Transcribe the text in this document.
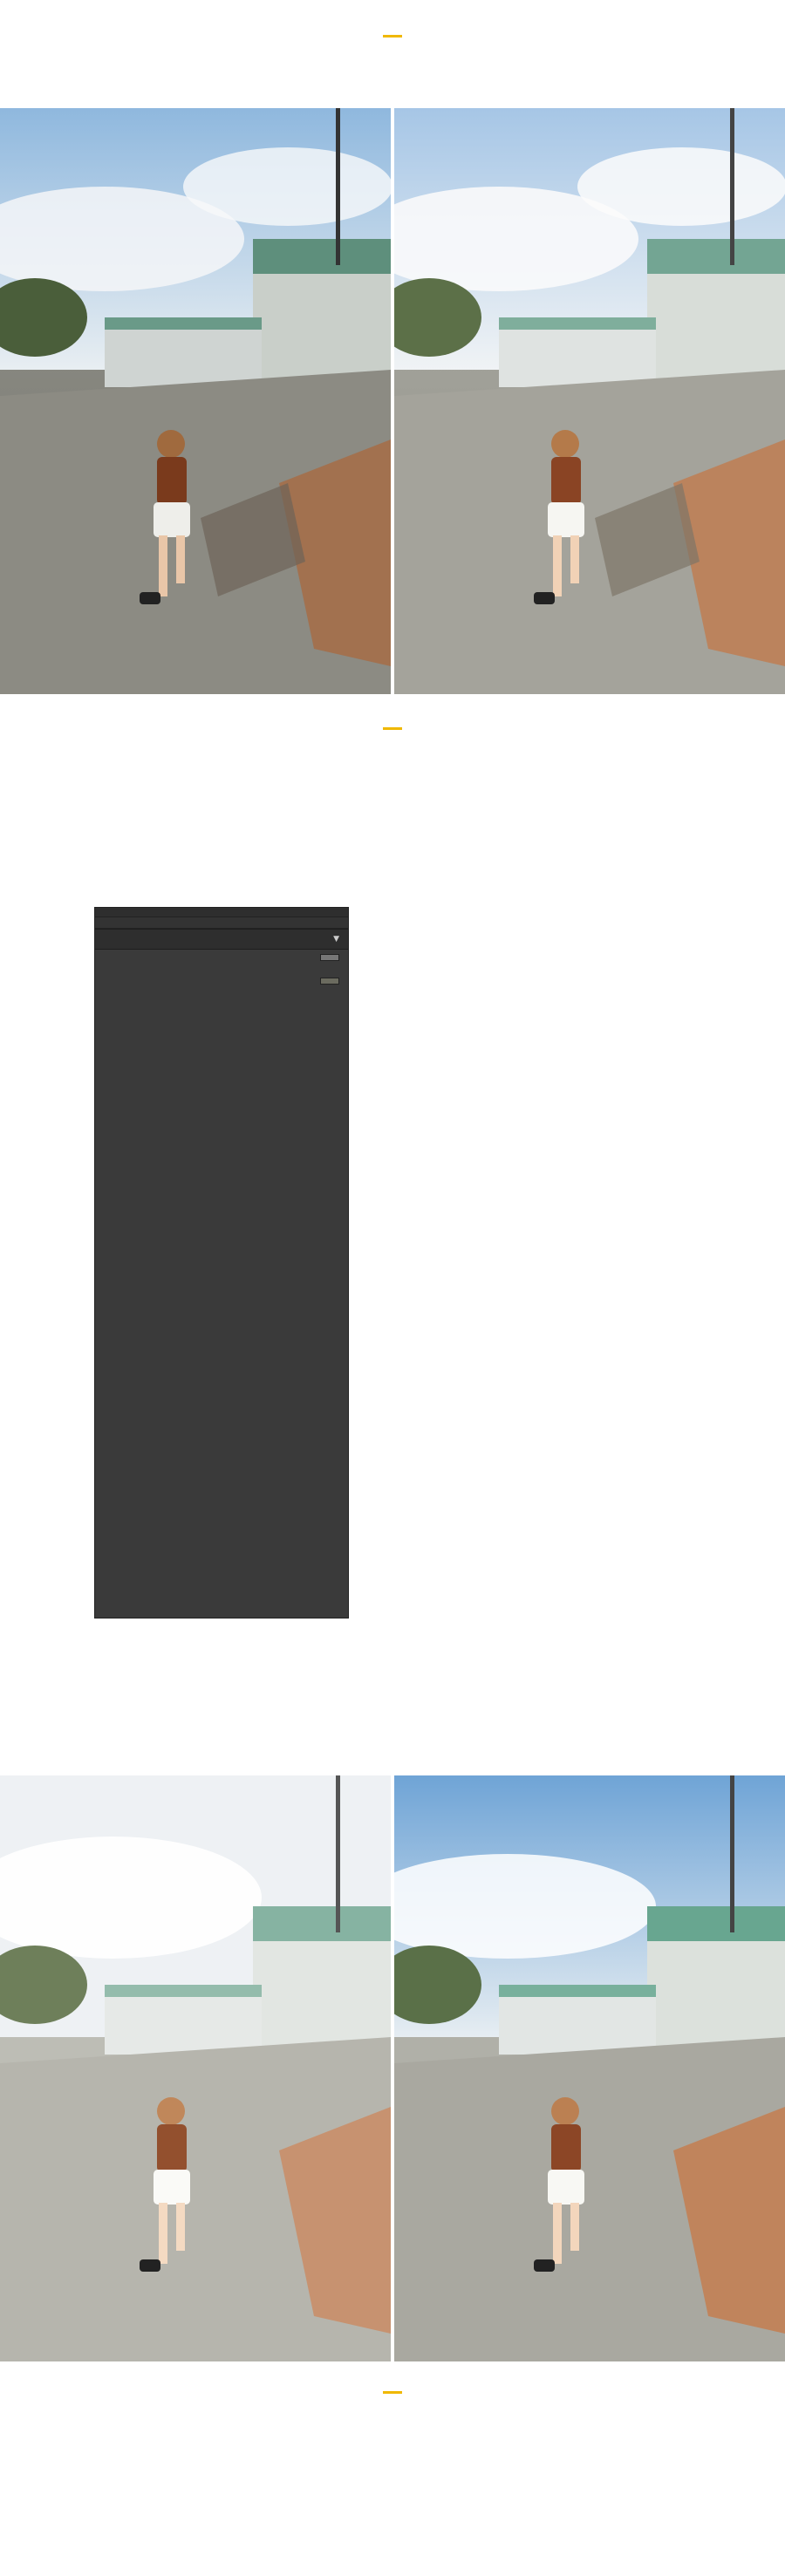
▼
